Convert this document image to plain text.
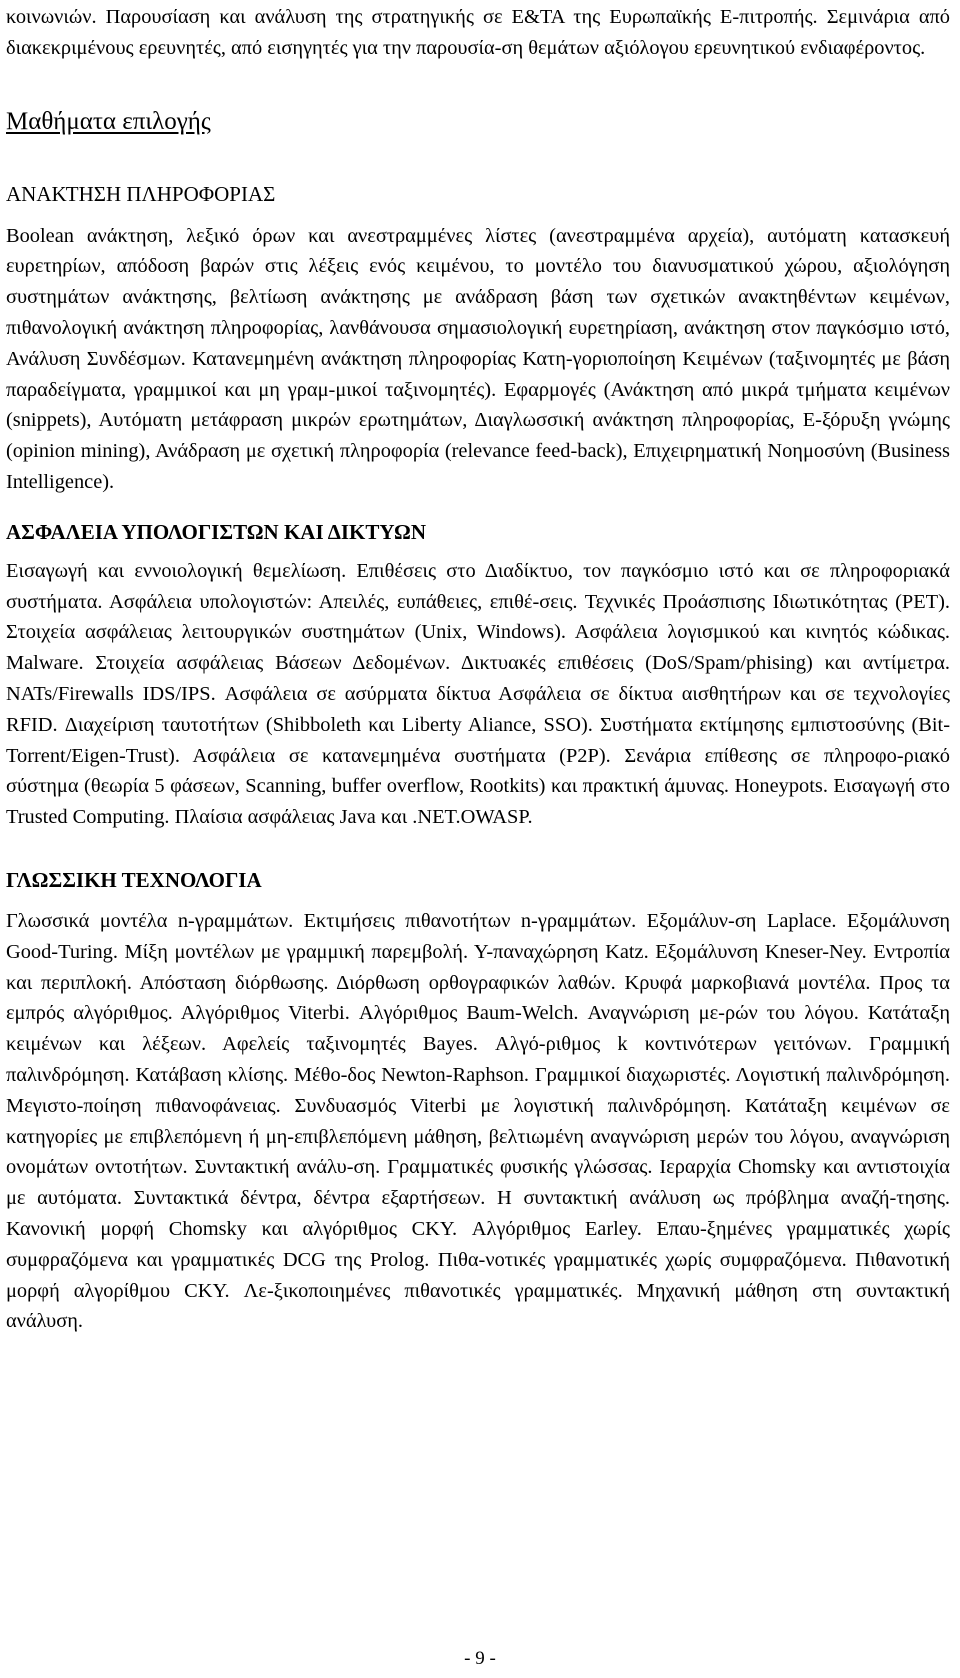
κοινωνιών. Παρουσίαση και ανάλυση της στρατηγικής σε Ε&ΤΑ της Ευρωπαϊκής Ε-πιτροπής. Σεμινάρια από διακεκριμένους ερευνητές, από εισηγητές για την παρουσία-ση θεμάτων αξιόλογου ερευνητικού ενδιαφέροντος.

Μαθήματα επιλογής
ΑΝΑΚΤΗΣΗ ΠΛΗΡΟΦΟΡΙΑΣ

Boolean ανάκτηση, λεξικό όρων και ανεστραμμένες λίστες (ανεστραμμένα αρχεία), αυτόματη κατασκευή ευρετηρίων, απόδοση βαρών στις λέξεις ενός κειμένου, το μοντέλο του διανυσματικού χώρου, αξιολόγηση συστημάτων ανάκτησης, βελτίωση ανάκτησης με ανάδραση βάση των σχετικών ανακτηθέντων κειμένων, πιθανολογική ανάκτηση πληροφορίας, λανθάνουσα σημασιολογική ευρετηρίαση, ανάκτηση στον παγκόσμιο ιστό, Ανάλυση Συνδέσμων. Κατανεμημένη ανάκτηση πληροφορίας Κατη-γοριοποίηση Κειμένων (ταξινομητές με βάση παραδείγματα, γραμμικοί και μη γραμ-μικοί ταξινομητές). Εφαρμογές (Ανάκτηση από μικρά τμήματα κειμένων (snippets), Αυτόματη μετάφραση μικρών ερωτημάτων, Διαγλωσσική ανάκτηση πληροφορίας, Ε-ξόρυξη γνώμης (opinion mining), Ανάδραση με σχετική πληροφορία (relevance feed-back), Επιχειρηματική Νοημοσύνη (Business Intelligence).

ΑΣΦΑΛΕΙΑ ΥΠΟΛΟΓΙΣΤΩΝ ΚΑΙ ΔΙΚΤΥΩΝ

Εισαγωγή και εννοιολογική θεμελίωση. Επιθέσεις στο Διαδίκτυο, τον παγκόσμιο ιστό και σε πληροφοριακά συστήματα. Ασφάλεια υπολογιστών: Απειλές, ευπάθειες, επιθέ-σεις. Τεχνικές Προάσπισης Ιδιωτικότητας (PET). Στοιχεία ασφάλειας λειτουργικών συστημάτων (Unix, Windows). Ασφάλεια λογισμικού και κινητός κώδικας. Malware. Στοιχεία ασφάλειας Βάσεων Δεδομένων. Δικτυακές επιθέσεις (DoS/Spam/phising) και αντίμετρα. NATs/Firewalls IDS/IPS. Ασφάλεια σε ασύρματα δίκτυα Ασφάλεια σε δίκτυα αισθητήρων και σε τεχνολογίες RFID. Διαχείριση ταυτοτήτων (Shibboleth και Liberty Aliance, SSO). Συστήματα εκτίμησης εμπιστοσύνης (Bit-Torrent/Eigen-Trust). Ασφάλεια σε κατανεμημένα συστήματα (P2P). Σενάρια επίθεσης σε πληροφο-ριακό σύστημα (θεωρία 5 φάσεων, Scanning, buffer overflow, Rootkits) και πρακτική άμυνας. Honeypots. Εισαγωγή στο Trusted Computing. Πλαίσια ασφάλειας Java και .NET.OWASP.

ΓΛΩΣΣΙΚΗ ΤΕΧΝΟΛΟΓΙΑ

Γλωσσικά μοντέλα n-γραμμάτων. Εκτιμήσεις πιθανοτήτων n-γραμμάτων. Εξομάλυν-ση Laplace. Εξομάλυνση Good-Turing. Μίξη μοντέλων με γραμμική παρεμβολή. Υ-παναχώρηση Katz. Εξομάλυνση Kneser-Ney. Εντροπία και περιπλοκή. Απόσταση διόρθωσης. Διόρθωση ορθογραφικών λαθών. Κρυφά μαρκοβιανά μοντέλα. Προς τα εμπρός αλγόριθμος. Αλγόριθμος Viterbi. Αλγόριθμος Baum-Welch. Αναγνώριση με-ρών του λόγου. Κατάταξη κειμένων και λέξεων. Αφελείς ταξινομητές Bayes. Αλγό-ριθμος k κοντινότερων γειτόνων. Γραμμική παλινδρόμηση. Κατάβαση κλίσης. Μέθο-δος Newton-Raphson. Γραμμικοί διαχωριστές. Λογιστική παλινδρόμηση. Μεγιστο-ποίηση πιθανοφάνειας. Συνδυασμός Viterbi με λογιστική παλινδρόμηση. Κατάταξη κειμένων σε κατηγορίες με επιβλεπόμενη ή μη-επιβλεπόμενη μάθηση, βελτιωμένη αναγνώριση μερών του λόγου, αναγνώριση ονομάτων οντοτήτων. Συντακτική ανάλυ-ση. Γραμματικές φυσικής γλώσσας. Ιεραρχία Chomsky και αντιστοιχία με αυτόματα. Συντακτικά δέντρα, δέντρα εξαρτήσεων. Η συντακτική ανάλυση ως πρόβλημα αναζή-τησης. Κανονική μορφή Chomsky και αλγόριθμος CKY. Αλγόριθμος Earley. Επαυ-ξημένες γραμματικές χωρίς συμφραζόμενα και γραμματικές DCG της Prolog. Πιθα-νοτικές γραμματικές χωρίς συμφραζόμενα. Πιθανοτική μορφή αλγορίθμου CKY. Λε-ξικοποιημένες πιθανοτικές γραμματικές. Μηχανική μάθηση στη συντακτική ανάλυση.

- 9 -
